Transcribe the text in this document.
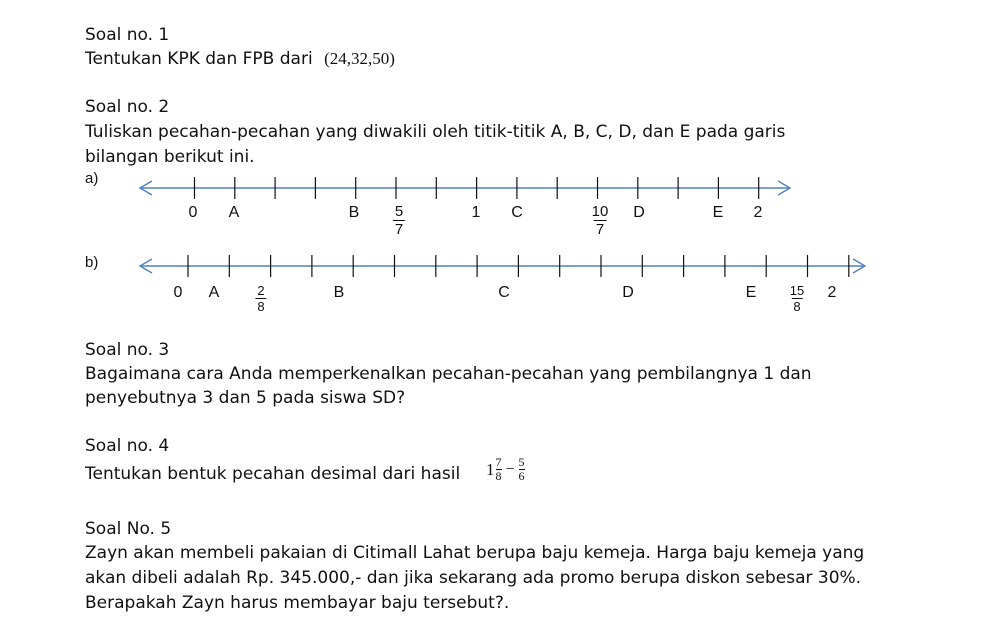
Soal no. 1
Tentukan KPK dan FPB dari (24,32,50)
Soal no. 2
Tuliskan pecahan-pecahan yang diwakili oleh titik-titik A, B, C, D, dan E pada garis
bilangan berikut ini.
a)
b)
0 A	B $\frac{5}{7}$	1 C	$\frac{10}{7}$ D	E 2
0 A	$\frac{2}{8}$	B	C	D	E $\frac{15}{8} 2$
Soal no. 3
Bagaimana cara Anda memperkenalkan pecahan-pecahan yang pembilangnya 1 dan
penyebutnya 3 dan 5 pada siswa SD?
Soal no. 4
Tentukan bentuk pecahan desimal dari hasil $1 \frac{7}{8} - \frac{5}{6}$
Soal No. 5
Zayn akan membeli pakaian di Citimall Lahat berupa baju kemeja. Harga baju kemeja yang
akan dibeli adalah Rp. 345.000,- dan jika sekarang ada promo berupa diskon sebesar 30%.
Berapakah Zayn harus membayar baju tersebut?.
